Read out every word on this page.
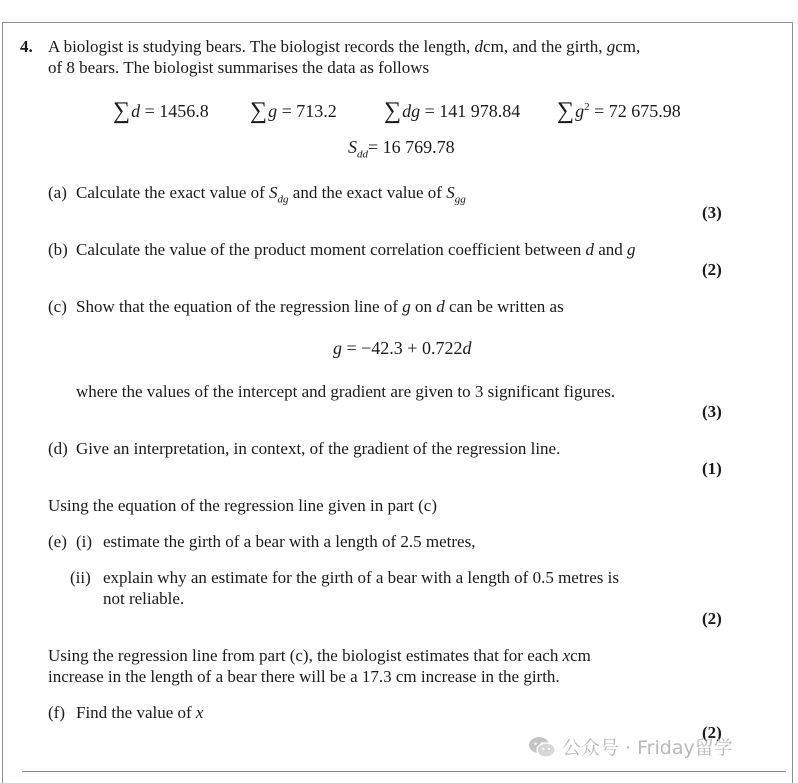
4. A biologist is studying bears. The biologist records the length, dcm, and the girth, gcm,
of 8 bears. The biologist summarises the data as follows
∑d = 1456.8 ∑g = 713.2 ∑dg = 141 978.84 $\sum g^2 = 72$ 675.98
$S_{dd}= 16$ 769.78
(a) Calculate the exact value of $S_{dg}$ and the exact value of $S_{gg}$
(3)
(b) Calculate the value of the product moment correlation coefficient between d and g
(2)
(c) Show that the equation of the regression line of g on d can be written as
g = −42.3 + 0.722d
where the values of the intercept and gradient are given to 3 significant figures.
(3)
(d) Give an interpretation, in context, of the gradient of the regression line.
(1)
Using the equation of the regression line given in part (c)
(e) (i) estimate the girth of a bear with a length of 2.5 metres,
(ii) explain why an estimate for the girth of a bear with a length of 0.5 metres is
not reliable.
(2)
Using the regression line from part (c), the biologist estimates that for each xcm
increase in the length of a bear there will be a 17.3 cm increase in the girth.
(f) Find the value of x
(2)
公众号 · Friday留学
